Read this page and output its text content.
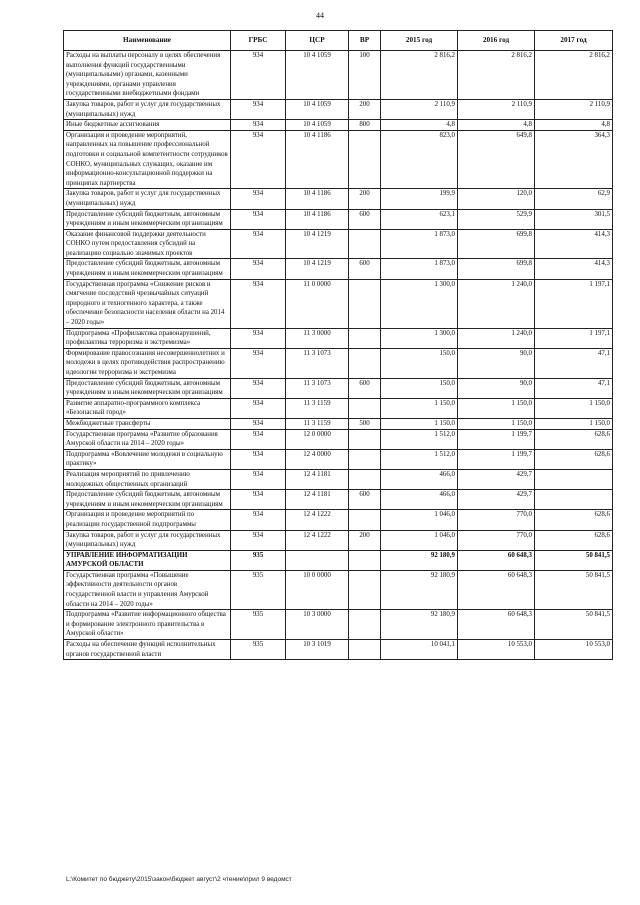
44
Наименование	ГРБС	ЦСР	ВР	2015 год	2016 год	2017 год
Расходы на выплаты персоналу в целях обеспечения выполнения функций государственными (муниципальными) органами, казенными учреждениями, органами управления государственными внебюджетными фондами	934	10 4 1059	100	2 816,2	2 816,2	2 816,2
Закупка товаров, работ и услуг для государственных (муниципальных) нужд	934	10 4 1059	200	2 110,9	2 110,9	2 110,9
Иные бюджетные ассигнования	934	10 4 1059	800	4,8	4,8	4,8
Организация и проведение мероприятий, направленных на повышение профессиональной подготовки и социальной компетентности сотрудников СОНКО, муниципальных служащих, оказание им информационно-консультационной поддержки на принципах партнерства	934	10 4 1186		823,0	649,8	364,3
Закупка товаров, работ и услуг для государственных (муниципальных) нужд	934	10 4 1186	200	199,9	120,0	62,9
Предоставление субсидий бюджетным, автономным учреждениям и иным некоммерческим организациям	934	10 4 1186	600	623,1	529,9	301,5
Оказание финансовой поддержки деятельности СОНКО путем предоставления субсидий на реализацию социально значимых проектов	934	10 4 1219		1 873,0	699,8	414,3
Предоставление субсидий бюджетным, автономным учреждениям и иным некоммерческим организациям	934	10 4 1219	600	1 873,0	699,8	414,3
Государственная программа «Снижение рисков и смягчение последствий чрезвычайных ситуаций природного и техногенного характера, а также обеспечение безопасности населения области на 2014 – 2020 годы»	934	11 0 0000		1 300,0	1 240,0	1 197,1
Подпрограмма «Профилактика правонарушений, профилактика терроризма и экстремизма»	934	11 3 0000		1 300,0	1 240,0	1 197,1
Формирование правосознания несовершеннолетних и молодежи в целях противодействия распространению идеологии терроризма и экстремизма	934	11 3 1073		150,0	90,0	47,1
Предоставление субсидий бюджетным, автономным учреждениям и иным некоммерческим организациям	934	11 3 1073	600	150,0	90,0	47,1
Развитие аппаратно-программного комплекса «Безопасный город»	934	11 3 1159		1 150,0	1 150,0	1 150,0
Межбюджетные трансферты	934	11 3 1159	500	1 150,0	1 150,0	1 150,0
Государственная программа «Развитие образования Амурской области на 2014 – 2020 годы»	934	12 0 0000		1 512,0	1 199,7	628,6
Подпрограмма «Вовлечение молодежи в социальную практику»	934	12 4 0000		1 512,0	1 199,7	628,6
Реализация мероприятий по привлечению молодежных общественных организаций	934	12 4 1181		466,0	429,7	
Предоставление субсидий бюджетным, автономным учреждениям и иным некоммерческим организациям	934	12 4 1181	600	466,0	429,7	
Организация и проведение мероприятий по реализации государственной подпрограммы	934	12 4 1222		1 046,0	770,0	628,6
Закупка товаров, работ и услуг для государственных (муниципальных) нужд	934	12 4 1222	200	1 046,0	770,0	628,6
УПРАВЛЕНИЕ ИНФОРМАТИЗАЦИИ АМУРСКОЙ ОБЛАСТИ	935			92 180,9	60 648,3	50 841,5
Государственная программа «Повышение эффективности деятельности органов государственной власти и управления Амурской области на 2014 – 2020 годы»	935	10 0 0000		92 180,9	60 648,3	50 841,5
Подпрограмма «Развитие информационного общества и формирование электронного правительства в Амурской области»	935	10 3 0000		92 180,9	60 648,3	50 841,5
Расходы на обеспечение функций исполнительных органов государственной власти	935	10 3 1019		10 041,1	10 553,0	10 553,0
L:\Комитет по бюджету\2015\закон\бюджет август\2 чтение\прил 9 ведомст
